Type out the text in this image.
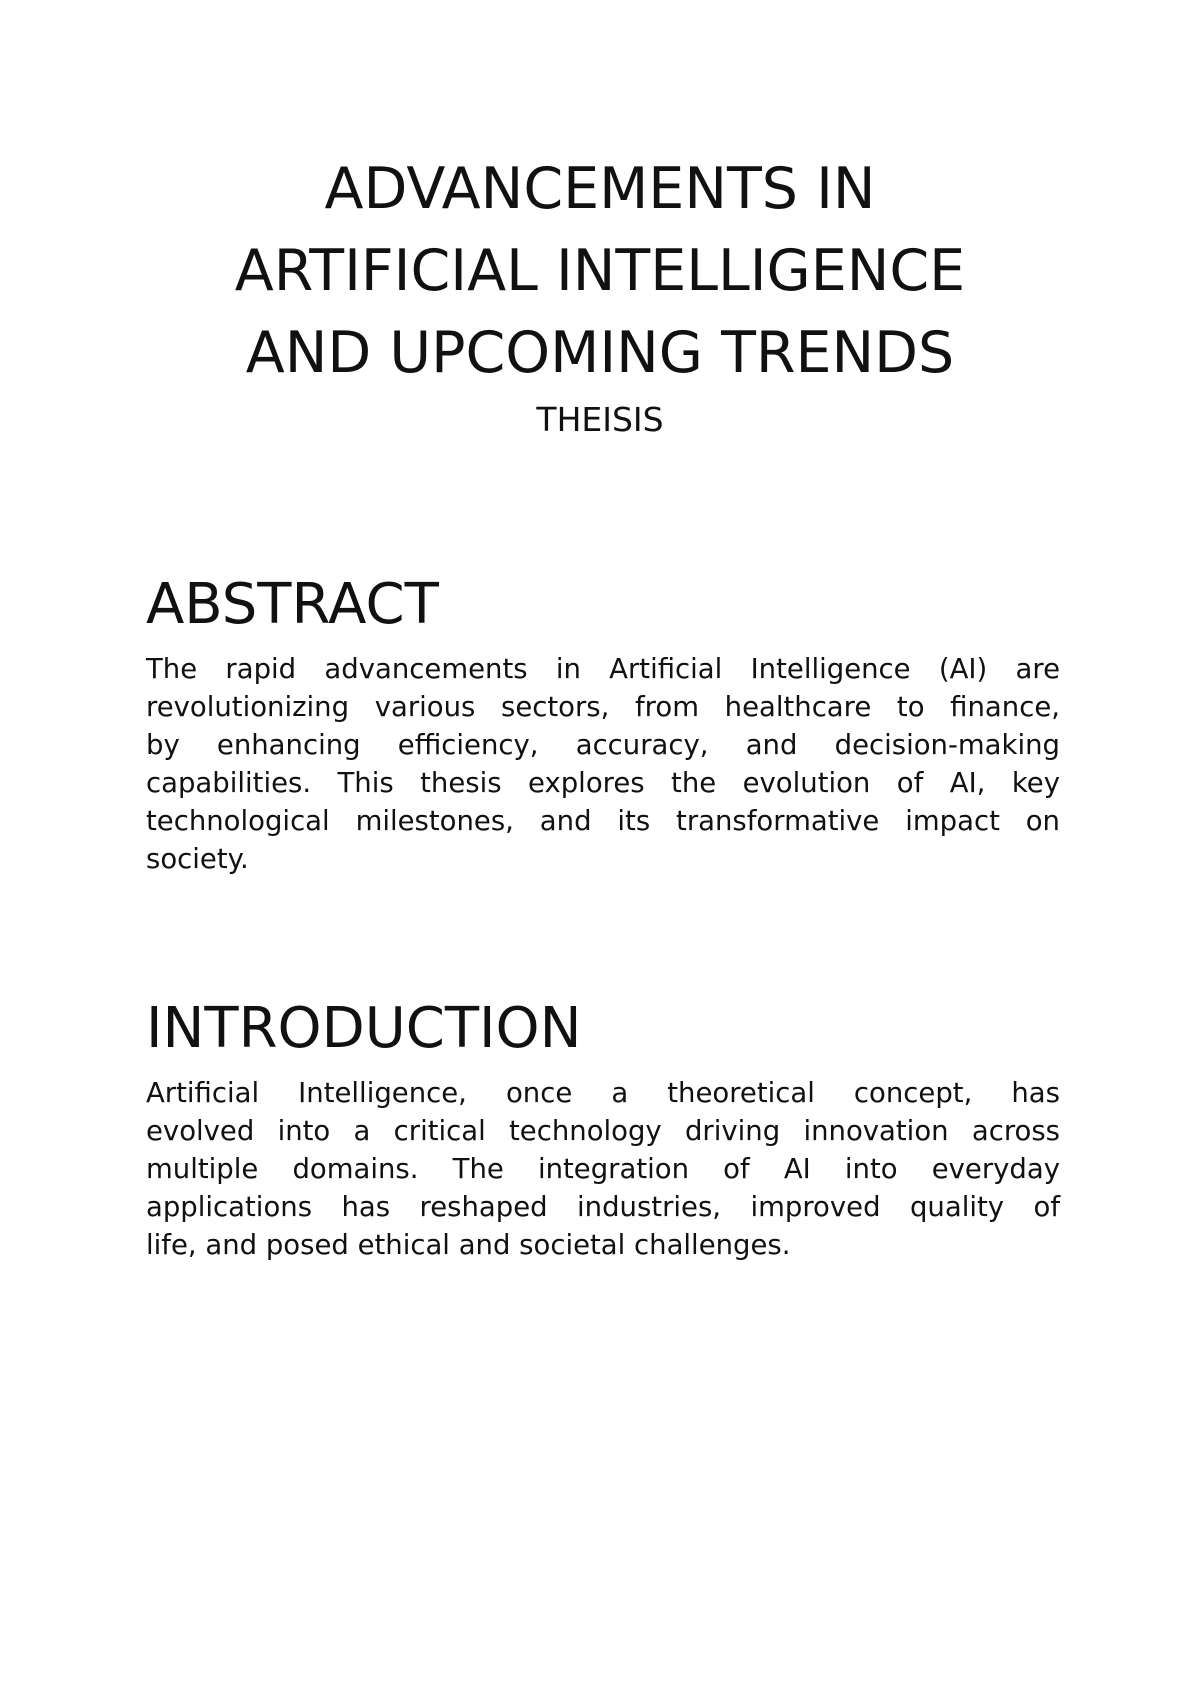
ADVANCEMENTS IN
ARTIFICIAL INTELLIGENCE
AND UPCOMING TRENDS
THEISIS
ABSTRACT

The rapid advancements in Artificial Intelligence (AI) are
revolutionizing various sectors, from healthcare to finance,
by enhancing efficiency, accuracy, and decision-making
capabilities. This thesis explores the evolution of AI, key
technological milestones, and its transformative impact on
society.

INTRODUCTION

Artificial Intelligence, once a theoretical concept, has
evolved into a critical technology driving innovation across
multiple domains. The integration of AI into everyday
applications has reshaped industries, improved quality of
life, and posed ethical and societal challenges.
